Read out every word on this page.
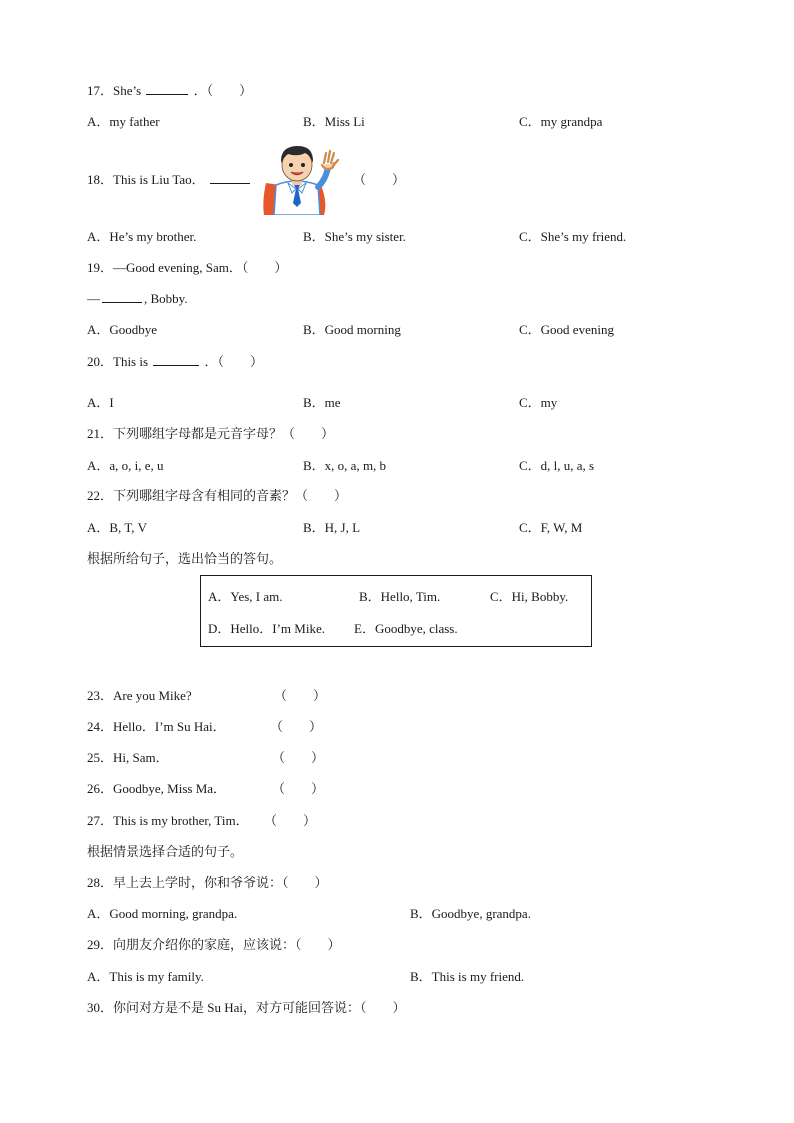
17．She’s	．（　　）
A．my father	B．Miss Li	C．my grandpa
18．This is Liu Tao．	（　　）
A．He’s my brother.	B．She’s my sister.	C．She’s my friend.
19．—Good evening, Sam．（　　）
—	, Bobby.
A．Goodbye	B．Good morning	C．Good evening
20．This is	．（　　）
A．I	B．me	C．my
21．下列哪组字母都是元音字母？（　　）
A．a, o, i, e, u	B．x, o, a, m, b	C．d, l, u, a, s
22．下列哪组字母含有相同的音素？（　　）
A．B, T, V	B．H, J, L	C．F, W, M
根据所给句子，选出恰当的答句。
A．Yes, I am.	B．Hello, Tim.	C．Hi, Bobby.
D．Hello．I’m Mike. E．Goodbye, class.
23．Are you Mike?	（　　）
24．Hello．I’m Su Hai．	（　　）
25．Hi, Sam．	（　　）
26．Goodbye, Miss Ma．	（　　）
27．This is my brother, Tim． （　　）
根据情景选择合适的句子。
28．早上去上学时，你和爷爷说：（　　）
A．Good morning, grandpa.	B．Goodbye, grandpa.
29．向朋友介绍你的家庭，应该说：（　　）
A．This is my family.	B．This is my friend.
30．你问对方是不是 Su Hai，对方可能回答说：（　　）
